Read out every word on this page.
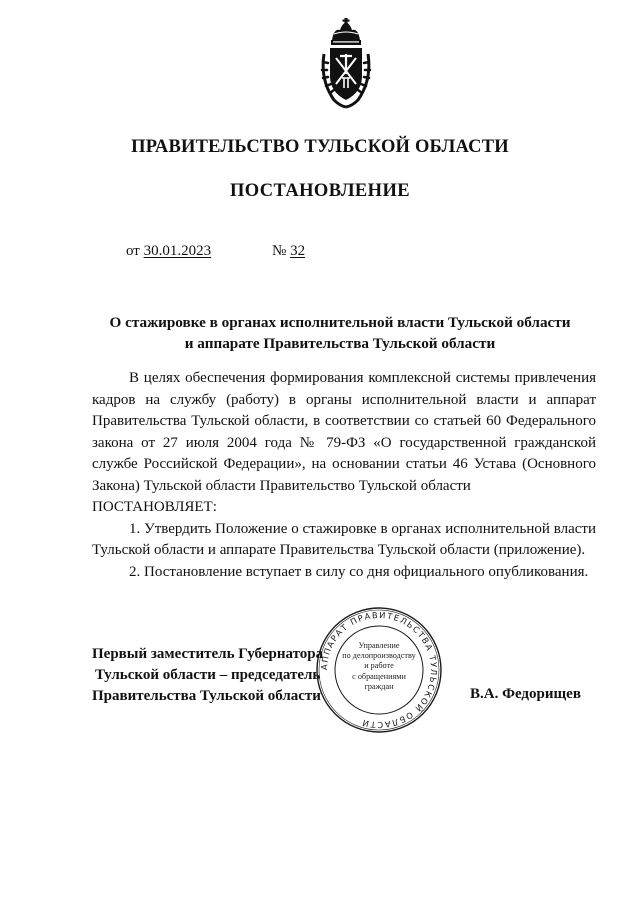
ПРАВИТЕЛЬСТВО ТУЛЬСКОЙ ОБЛАСТИ
ПОСТАНОВЛЕНИЕ
от 30.01.2023	№ 32
О стажировке в органах исполнительной власти Тульской области
и аппарате Правительства Тульской области

В целях обеспечения формирования комплексной системы привлечения кадров на службу (работу) в органы исполнительной власти и аппарат Правительства Тульской области, в соответствии со статьей 60 Федерального закона от 27 июля 2004 года № 79-ФЗ «О государственной гражданской службе Российской Федерации», на основании статьи 46 Устава (Основного Закона) Тульской области Правительство Тульской области

ПОСТАНОВЛЯЕТ:

1. Утвердить Положение о стажировке в органах исполнительной власти Тульской области и аппарате Правительства Тульской области (приложение).

2. Постановление вступает в силу со дня официального опубликования.

Первый заместитель Губернатора
Тульской области – председатель
Правительства Тульской области
АППАРАТ ПРАВИТЕЛЬСТВА ТУЛЬСКОЙ ОБЛАСТИ
Управление
по делопроизводству
и работе
с обращениями
граждан	В.А. Федорищев
